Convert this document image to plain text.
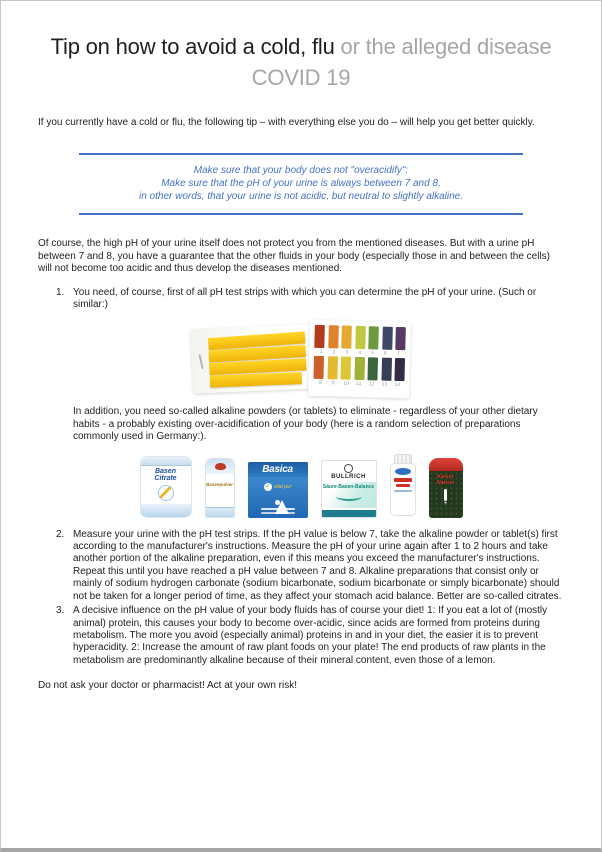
Tip on how to avoid a cold, flu or the alleged disease
COVID 19

If you currently have a cold or flu, the following tip – with everything else you do – will help you get better quickly.

Make sure that your body does not "overacidify":

Make sure that the pH of your urine is always between 7 and 8,

in other words, that your urine is not acidic, but neutral to slightly alkaline.

Of course, the high pH of your urine itself does not protect you from the mentioned diseases. But with a urine pH between 7 and 8, you have a guarantee that the other fluids in your body (especially those in and between the cells) will not become too acidic and thus develop the diseases mentioned.

1. You need, of course, first of all pH test strips with which you can determine the pH of your urine. (Such or similar:)
1	2	3	4	5	6	7
8	9	10	11	12	13	14

In addition, you need so-called alkaline powders (or tablets) to eliminate - regardless of your other dietary habits - a probably existing over-acidification of your body (here is a random selection of preparations commonly used in Germany:).

Basen
Citrate
Basenpulver
Basica
✓ vital pur
BULLRICH
Säure-Basen-Balance
Kaiser
Natron
+
2. Measure your urine with the pH test strips. If the pH value is below 7, take the alkaline powder or tablet(s) first according to the manufacturer's instructions. Measure the pH of your urine again after 1 to 2 hours and take another portion of the alkaline preparation, even if this means you exceed the manufacturer's instructions. Repeat this until you have reached a pH value between 7 and 8. Alkaline preparations that consist only or mainly of sodium hydrogen carbonate (sodium bicarbonate, sodium bicarbonate or simply bicarbonate) should not be taken for a longer period of time, as they affect your stomach acid balance. Better are so-called citrates.
3. A decisive influence on the pH value of your body fluids has of course your diet! 1: If you eat a lot of (mostly animal) protein, this causes your body to become over-acidic, since acids are formed from proteins during metabolism. The more you avoid (especially animal) proteins in and in your diet, the easier it is to prevent hyperacidity. 2: Increase the amount of raw plant foods on your plate! The end products of raw plants in the metabolism are predominantly alkaline because of their mineral content, even those of a lemon.

Do not ask your doctor or pharmacist! Act at your own risk!
